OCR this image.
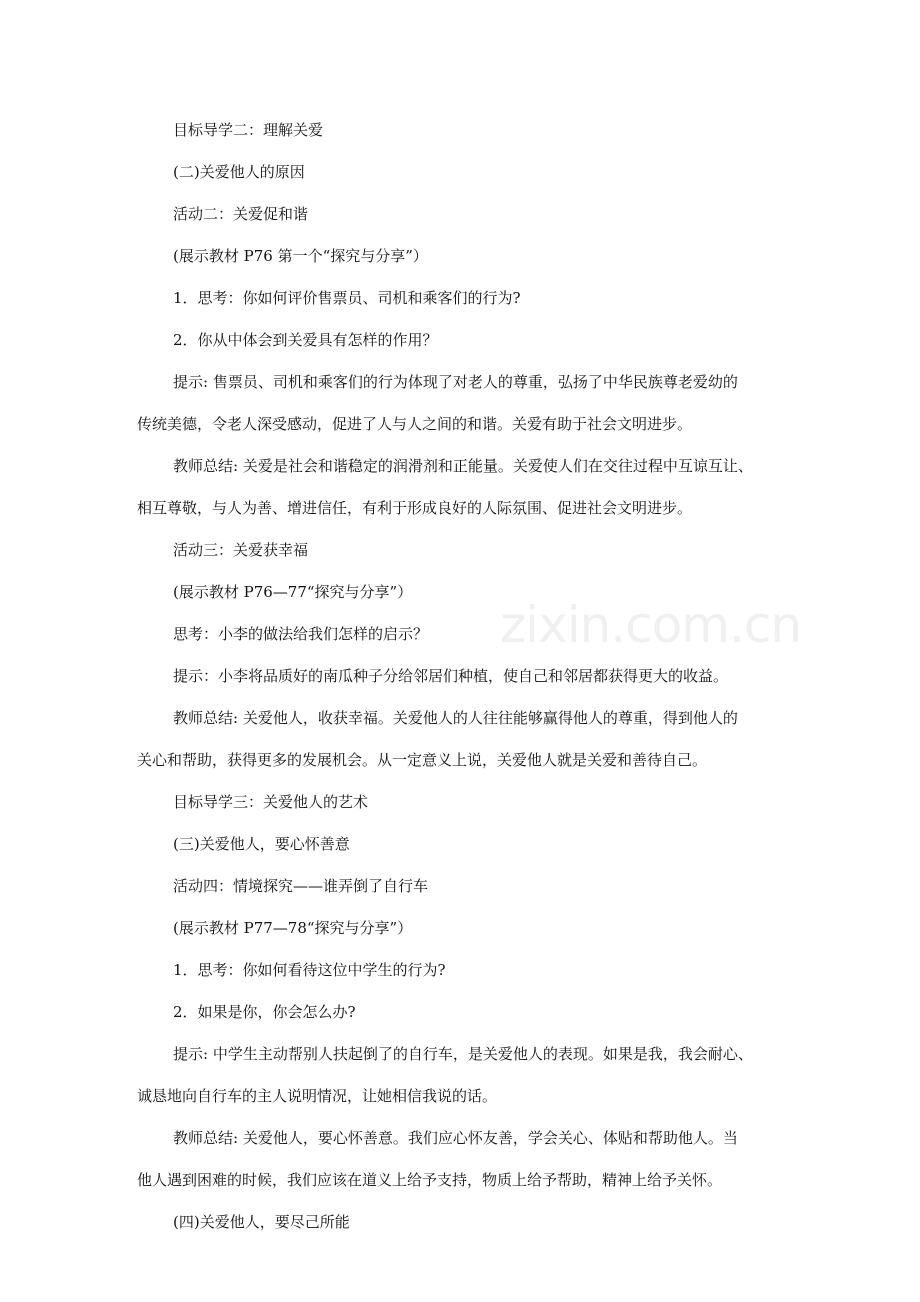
zixin.com.cn
目标导学二：理解关爱
(二)关爱他人的原因
活动二：关爱促和谐
(展示教材 P76 第一个“探究与分享”）
1．思考：你如何评价售票员、司机和乘客们的行为?
2．你从中体会到关爱具有怎样的作用？
提示: 售票员、司机和乘客们的行为体现了对老人的尊重，弘扬了中华民族尊老爱幼的
传统美德，令老人深受感动，促进了人与人之间的和谐。关爱有助于社会文明进步。
教师总结: 关爱是社会和谐稳定的润滑剂和正能量。关爱使人们在交往过程中互谅互让、
相互尊敬，与人为善、增进信任，有利于形成良好的人际氛围、促进社会文明进步。
活动三：关爱获幸福
(展示教材 P76—77“探究与分享”）
思考：小李的做法给我们怎样的启示？
提示：小李将品质好的南瓜种子分给邻居们种植，使自己和邻居都获得更大的收益。
教师总结: 关爱他人，收获幸福。关爱他人的人往往能够赢得他人的尊重，得到他人的
关心和帮助，获得更多的发展机会。从一定意义上说，关爱他人就是关爱和善待自己。
目标导学三：关爱他人的艺术
(三)关爱他人，要心怀善意
活动四：情境探究——谁弄倒了自行车
(展示教材 P77—78“探究与分享”）
1．思考：你如何看待这位中学生的行为?
2．如果是你，你会怎么办?
提示: 中学生主动帮别人扶起倒了的自行车，是关爱他人的表现。如果是我，我会耐心、
诚恳地向自行车的主人说明情况，让她相信我说的话。
教师总结: 关爱他人，要心怀善意。我们应心怀友善，学会关心、体贴和帮助他人。当
他人遇到困难的时候，我们应该在道义上给予支持，物质上给予帮助，精神上给予关怀。
(四)关爱他人，要尽己所能
